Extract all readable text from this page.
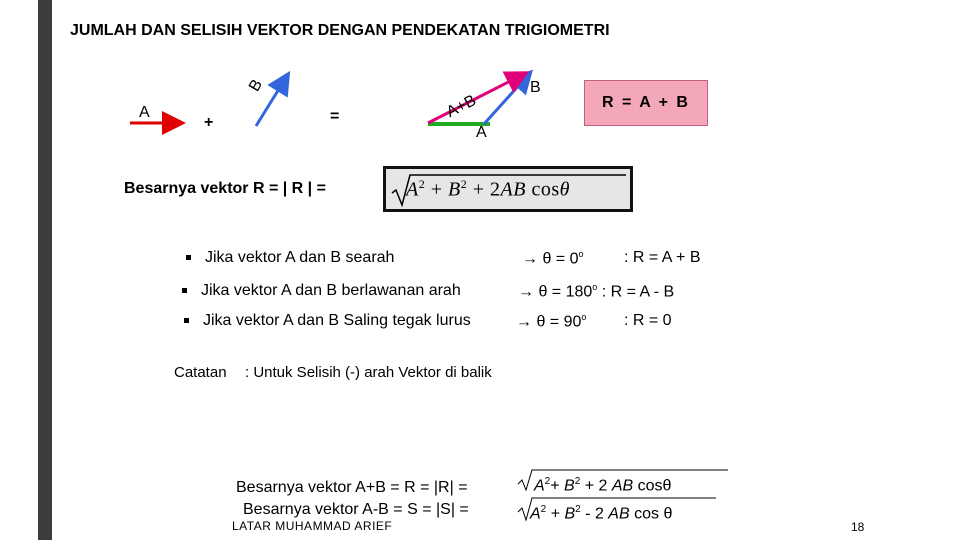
JUMLAH DAN SELISIH VEKTOR DENGAN PENDEKATAN TRIGIOMETRI
A
+
B
=	A+B
B
A
R = A + B
Besarnya vektor R = | R | =	$A^2 + B^2 + 2AB$ cosθ
Jika vektor A dan B searah	→ $\theta = 0^o$	: R = A + B
Jika vektor A dan B berlawanan arah	→ $\theta = 180^o$ : R = A - B
Jika vektor A dan B Saling tegak lurus	→ $\theta = 90^o$ : R = 0
Catatan : Untuk Selisih (-) arah Vektor di balik
Besarnya vektor A+B = R = |R| =	$A^2+ B^2 + 2$ AB cosθ
Besarnya vektor A-B = S = |S| =	$A^2 + B^2 - 2$ AB cos θ
LATAR MUHAMMAD ARIEF	18
